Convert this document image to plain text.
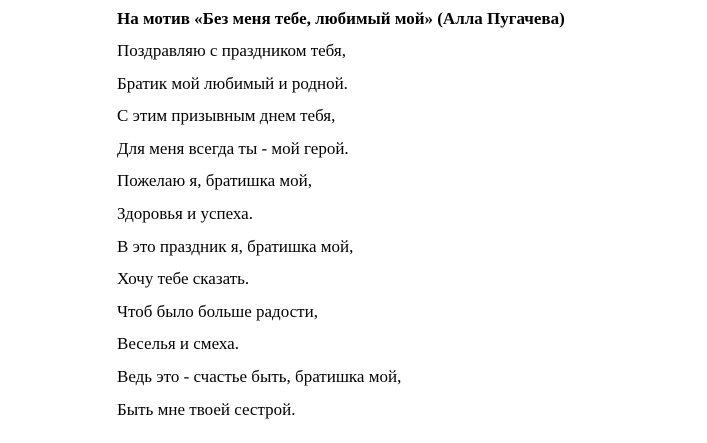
На мотив «Без меня тебе, любимый мой» (Алла Пугачева)
Поздравляю с праздником тебя,
Братик мой любимый и родной.
С этим призывным днем тебя,
Для меня всегда ты - мой герой.
Пожелаю я, братишка мой,
Здоровья и успеха.
В это праздник я, братишка мой,
Хочу тебе сказать.
Чтоб было больше радости,
Веселья и смеха.
Ведь это - счастье быть, братишка мой,
Быть мне твоей сестрой.
